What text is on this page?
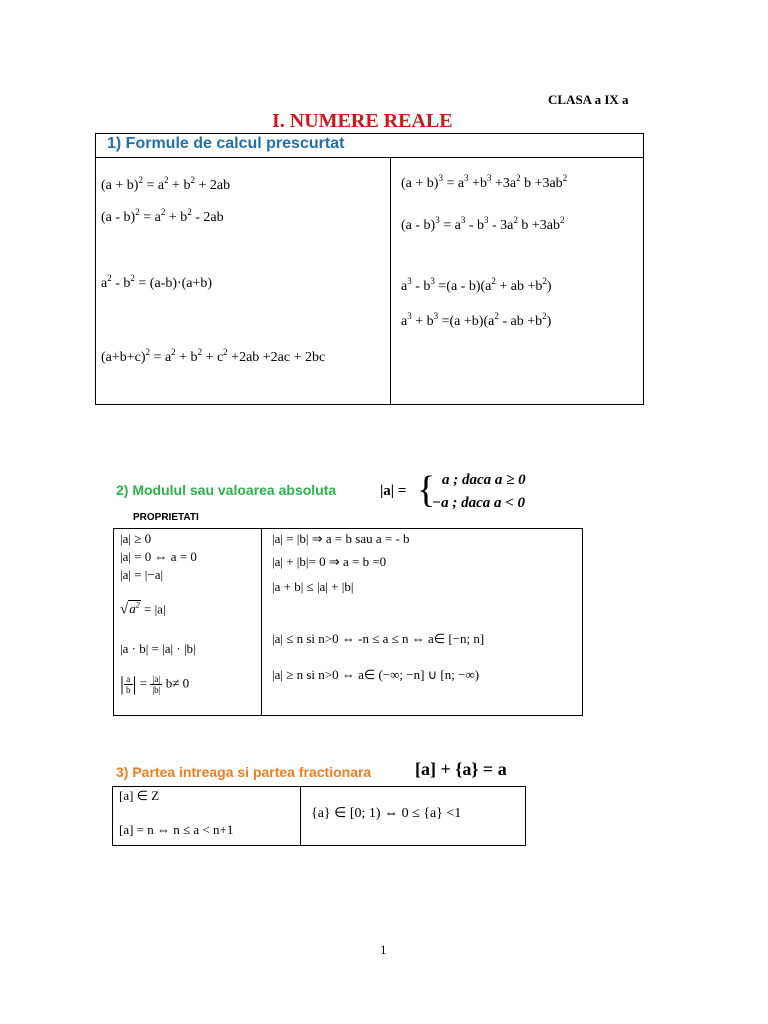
CLASA a IX a
I. NUMERE REALE
1) Formule de calcul prescurtat
$(a + b)^2 = a^2 + b^2 + 2ab$
$(a - b)^2 = a^2 + b^2 - 2ab$
$a^2 - b^2 = (a-b)\cdot(a+b)$
$(a+b+c)^2 = a^2 + b^2 + c^2 +2ab +2ac + 2bc$
$(a + b)^3 = a^3 +b^3 +3a^2$ $b +3ab^2$
$(a - b)^3 = a^3 - b^3 - 3a^2$ $b +3ab^2$
$a^3 - b^3 =(a - b)(a^2$ + ab $+b^2$)
$a^3 + b^3 =(a +b)(a^2$ - ab $+b^2$)
2) Modulul sau valoarea absoluta	|a| = { a ; daca a ≥ 0
−a ; daca a < 0
PROPRIETATI
|a| ≥ 0
|a| = 0 ⇔ a = 0
|a| = |−a|
$√a^2 = |a|$
|a · b| = |a| · |b|
| $\frac{a}{b}$ | = $\frac{|a|}{|b|} b\ne 0$
|a| = |b| ⇒ a = b sau a = - b
|a| + |b|= 0 ⇒ a = b =0
|a + b| ≤ |a| + |b|
|a| ≤ n si n>0 ⇔ -n ≤ a ≤ n ⇔ a∈ [−n; n]
|a| ≥ n si n>0 ⇔ a∈ (−∞; −n] ∪ [n; −∞)
3) Partea intreaga si partea fractionara [a] + {a} = a
[a] ∈ Z
[a] = n ⇔ n ≤ a < n+1
{a} ∈ [0; 1) ⇔ 0 ≤ {a} <1
1
